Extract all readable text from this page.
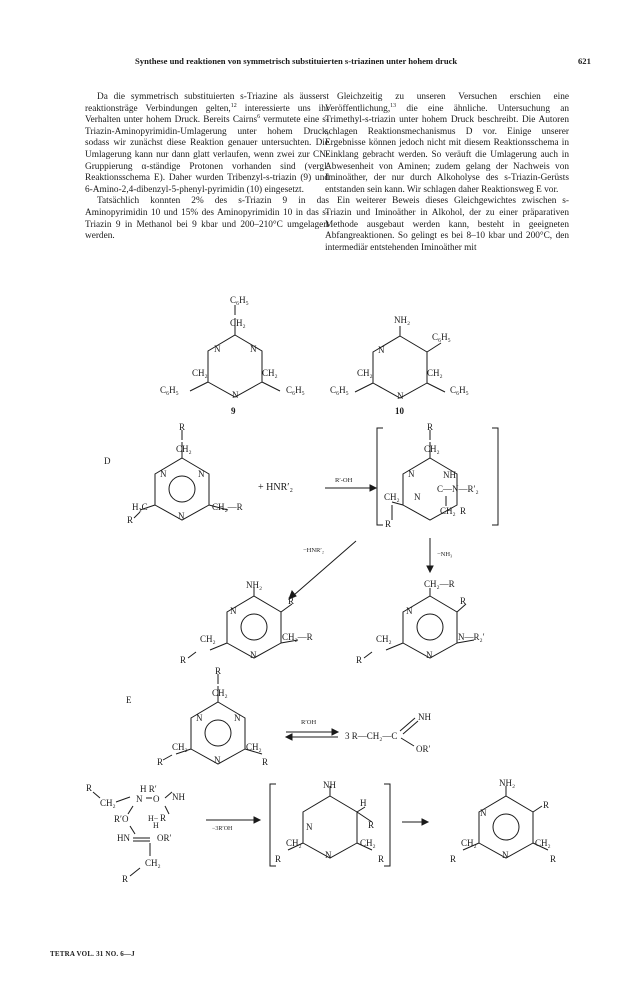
Synthese und reaktionen von symmetrisch substituierten s-triazinen unter hohem druck	621

Da die symmetrisch substituierten s-Triazine als äusserst reaktionsträge Verbindungen gelten,$^{12}$ interessierte uns ihr Verhalten unter hohem Druck. Bereits Cairns$^6$ vermutete eine s-Triazin-Aminopyrimidin-Umlagerung unter hohem Druck, sodass wir zunächst diese Reaktion genauer untersuchten. Die Umlagerung kann nur dann glatt verlaufen, wenn zwei zur CN-Gruppierung α-ständige Protonen vorhanden sind (vergl. Reaktionsschema E). Daher wurden Tribenzyl-s-triazin (9) und 6-Amino-2,4-dibenzyl-5-phenyl-pyrimidin (10) eingesetzt.

Tatsächlich konnten 2% des s-Triazin 9 in das Aminopyrimidin 10 und 15% des Aminopyrimidin 10 in das s-Triazin 9 in Methanol bei 9 kbar und 200–210°C umgelagert werden.

Gleichzeitig zu unseren Versuchen erschien eine Veröffentlichung,$^{13}$ die eine ähnliche. Untersuchung an Trimethyl-s-triazin unter hohem Druck beschreibt. Die Autoren schlagen Reaktionsmechanismus D vor. Einige unserer Ergebnisse können jedoch nicht mit diesem Reaktionsschema in Einklang gebracht werden. So veräuft die Umlagerung auch in Abwesenheit von Aminen; zudem gelang der Nachweis von Iminoäther, der nur durch Alkoholyse des s-Triazin-Gerüsts entstanden sein kann. Wir schlagen daher Reaktionsweg E vor.

Ein weiterer Beweis dieses Gleichgewichtes zwischen s-Triazin und Iminoäther in Alkohol, der zu einer präparativen Methode ausgebaut werden kann, besteht in geeigneten Abfangreaktionen. So gelingt es bei 8–10 kbar und 200°C, den intermediär entstehenden Iminoäther mit

C₆H₅
CH₂
N	N
N
CH₂	CH₂
C₆H₅	C₆H₅
9
NH₂
N
N
C₆H₅
CH₂	CH₂
C₆H₅	C₆H₅
10
D
R
CH₂
N	N
N
H₃C	CH₂—R
R
+ HNR′₂
R′-OH
R
CH₂
N	NH
N
C—N—R′₂
CH₂
CH₂ R
R
−HNR′₂
−NH₃
NH₂
R
N
N
CH₂	CH₂—R
R
CH₂—R
R
N
N
CH₂	N—R₂′
R
E
R
CH₂
N	N
N
CH₂	CH₂
R	R
R′OH
3 R—CH₂—C
NH
OR′
R
CH₂
H R′
N O NH
R′O H− R
H
HN	OR′
CH₂
R
−3R′OH
NH
H
R
N
N
CH₂	CH₂
R	R
NH₂
R
N
N
CH₂	CH₂
R	R
TETRA VOL. 31 NO. 6—J
